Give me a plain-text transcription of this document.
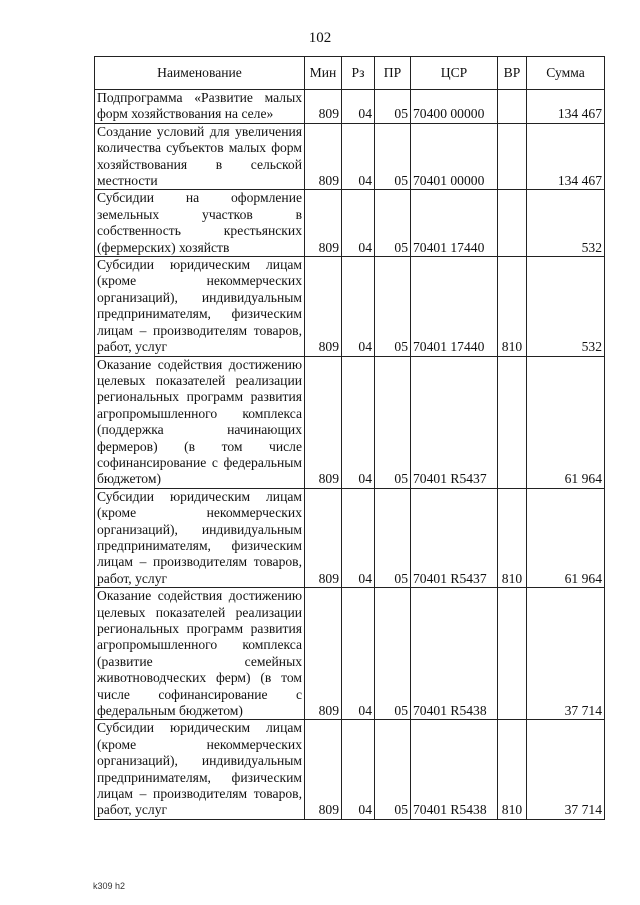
102
Наименование	Мин	Рз	ПР	ЦСР	ВР	Сумма
Подпрограмма «Развитие малых форм хозяйствования на селе»	809	04	05	70400 00000		134 467
Создание условий для увеличения количества субъектов малых форм хозяйствования в сельской местности	809	04	05	70401 00000		134 467
Субсидии на оформление земельных участков в собственность крестьянских (фермерских) хозяйств	809	04	05	70401 17440		532
Субсидии юридическим лицам (кроме некоммерческих организаций), индивидуальным предпринимателям, физическим лицам – производителям товаров, работ, услуг	809	04	05	70401 17440	810	532
Оказание содействия достижению целевых показателей реализации региональных программ развития агропромышленного комплекса (поддержка начинающих фермеров) (в том числе софинансирование с федеральным бюджетом)	809	04	05	70401 R5437		61 964
Субсидии юридическим лицам (кроме некоммерческих организаций), индивидуальным предпринимателям, физическим лицам – производителям товаров, работ, услуг	809	04	05	70401 R5437	810	61 964
Оказание содействия достижению целевых показателей реализации региональных программ развития агропромышленного комплекса (развитие семейных животноводческих ферм) (в том числе софинансирование с федеральным бюджетом)	809	04	05	70401 R5438		37 714
Субсидии юридическим лицам (кроме некоммерческих организаций), индивидуальным предпринимателям, физическим лицам – производителям товаров, работ, услуг	809	04	05	70401 R5438	810	37 714
k309 h2
